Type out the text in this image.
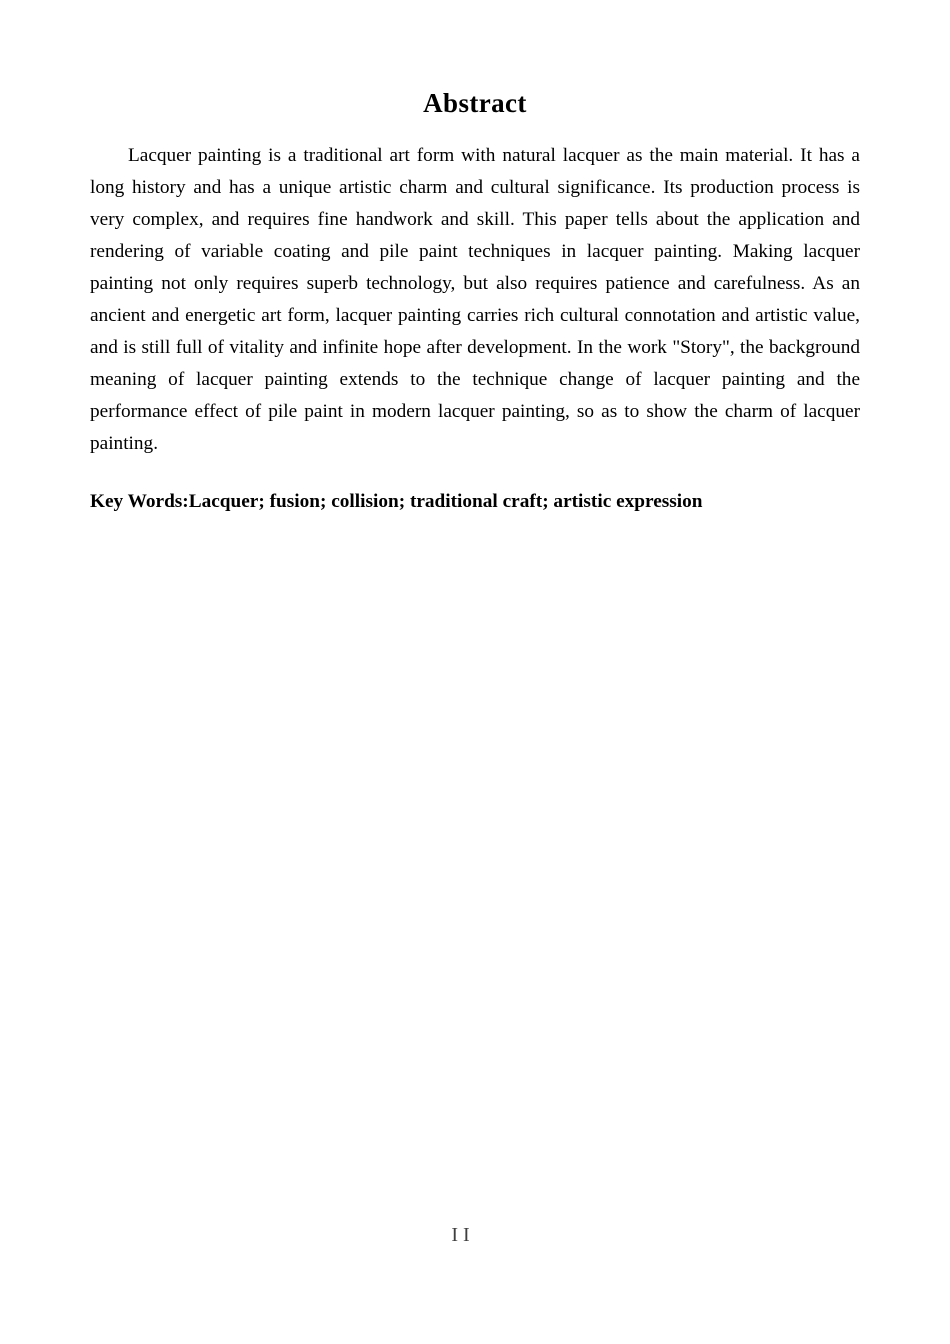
Abstract

Lacquer painting is a traditional art form with natural lacquer as the main material. It has a long history and has a unique artistic charm and cultural significance. Its production process is very complex, and requires fine handwork and skill. This paper tells about the application and rendering of variable coating and pile paint techniques in lacquer painting. Making lacquer painting not only requires superb technology, but also requires patience and carefulness. As an ancient and energetic art form, lacquer painting carries rich cultural connotation and artistic value, and is still full of vitality and infinite hope after development. In the work "Story", the background meaning of lacquer painting extends to the technique change of lacquer painting and the performance effect of pile paint in modern lacquer painting, so as to show the charm of lacquer painting.

Key Words:Lacquer; fusion; collision; traditional craft; artistic expression

II
